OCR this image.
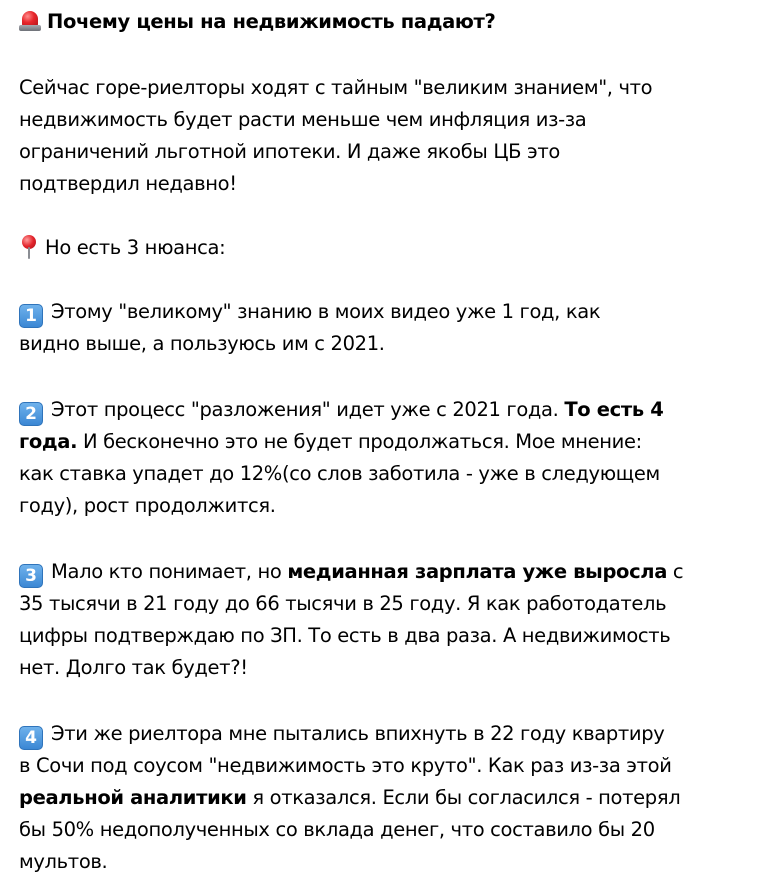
Почему цены на недвижимость падают?
Сейчас горе-риелторы ходят с тайным "великим знанием", что
недвижимость будет расти меньше чем инфляция из-за
ограничений льготной ипотеки. И даже якобы ЦБ это
подтвердил недавно!
Но есть 3 нюанса:
1 Этому "великому" знанию в моих видео уже 1 год, как
видно выше, а пользуюсь им с 2021.
2 Этот процесс "разложения" идет уже с 2021 года. То есть 4
года. И бесконечно это не будет продолжаться. Мое мнение:
как ставка упадет до 12%(со слов заботила - уже в следующем
году), рост продолжится.
3 Мало кто понимает, но медианная зарплата уже выросла с
35 тысячи в 21 году до 66 тысячи в 25 году. Я как работодатель
цифры подтверждаю по ЗП. То есть в два раза. А недвижимость
нет. Долго так будет?!
4 Эти же риелтора мне пытались впихнуть в 22 году квартиру
в Сочи под соусом "недвижимость это круто". Как раз из-за этой
реальной аналитики я отказался. Если бы согласился - потерял
бы 50% недополученных со вклада денег, что составило бы 20
мультов.
